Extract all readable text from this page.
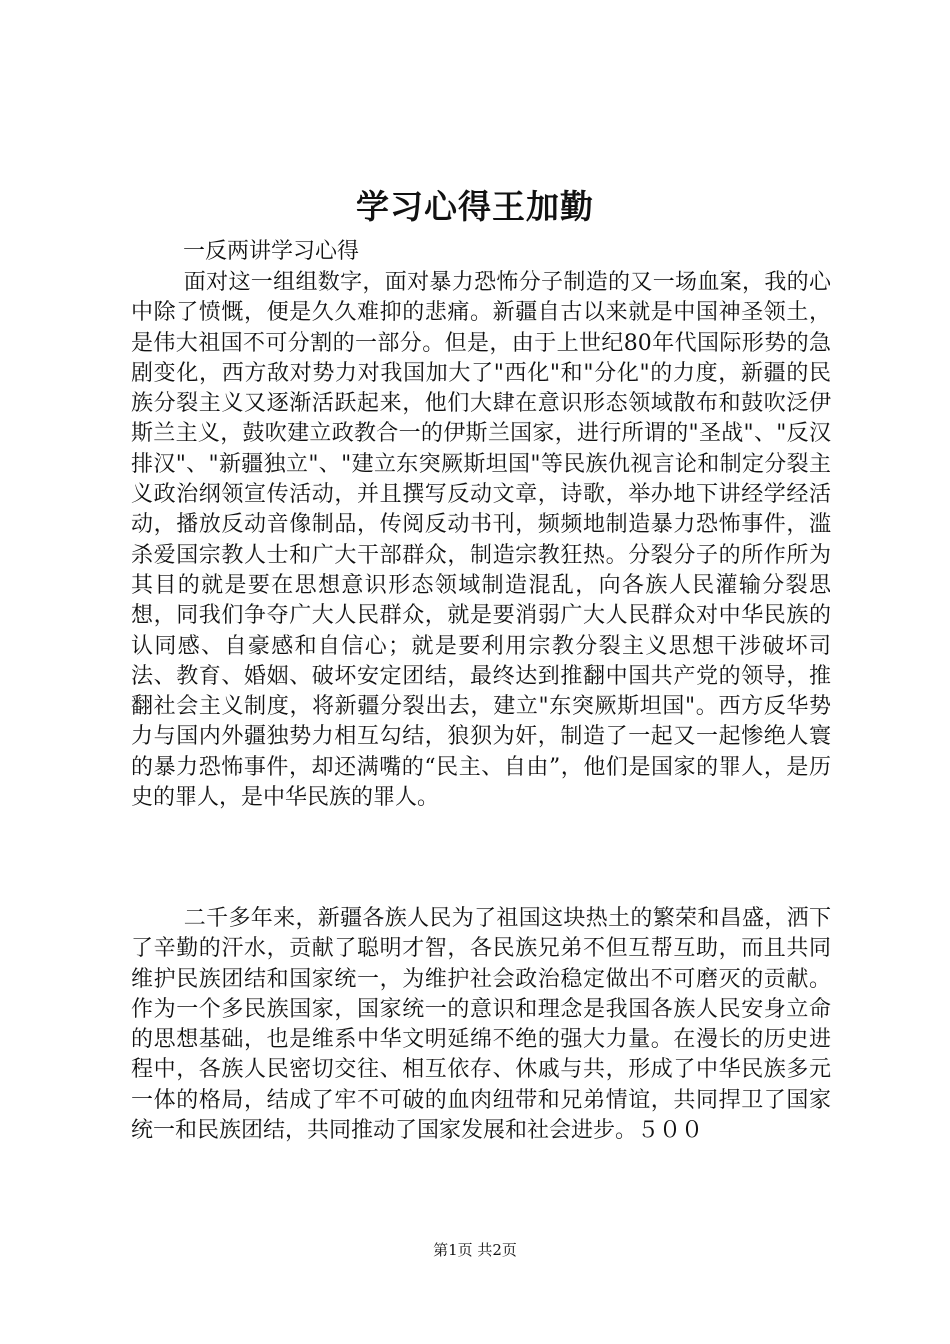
学习心得王加勤
一反两讲学习心得

面对这一组组数字，面对暴力恐怖分子制造的又一场血案，我的心中除了愤慨，便是久久难抑的悲痛。新疆自古以来就是中国神圣领土，是伟大祖国不可分割的一部分。但是，由于上世纪80年代国际形势的急剧变化，西方敌对势力对我国加大了"西化"和"分化"的力度，新疆的民族分裂主义又逐渐活跃起来，他们大肆在意识形态领域散布和鼓吹泛伊斯兰主义，鼓吹建立政教合一的伊斯兰国家，进行所谓的"圣战"、"反汉排汉"、"新疆独立"、"建立东突厥斯坦国"等民族仇视言论和制定分裂主义政治纲领宣传活动，并且撰写反动文章，诗歌，举办地下讲经学经活动，播放反动音像制品，传阅反动书刊，频频地制造暴力恐怖事件，滥杀爱国宗教人士和广大干部群众，制造宗教狂热。分裂分子的所作所为其目的就是要在思想意识形态领域制造混乱，向各族人民灌输分裂思想，同我们争夺广大人民群众，就是要消弱广大人民群众对中华民族的认同感、自豪感和自信心；就是要利用宗教分裂主义思想干涉破坏司法、教育、婚姻、破坏安定团结，最终达到推翻中国共产党的领导，推翻社会主义制度，将新疆分裂出去，建立"东突厥斯坦国"。西方反华势力与国内外疆独势力相互勾结，狼狈为奸，制造了一起又一起惨绝人寰的暴力恐怖事件，却还满嘴的“民主、自由”，他们是国家的罪人，是历史的罪人，是中华民族的罪人。

二千多年来，新疆各族人民为了祖国这块热土的繁荣和昌盛，洒下了辛勤的汗水，贡献了聪明才智，各民族兄弟不但互帮互助，而且共同维护民族团结和国家统一，为维护社会政治稳定做出不可磨灭的贡献。作为一个多民族国家，国家统一的意识和理念是我国各族人民安身立命的思想基础，也是维系中华文明延绵不绝的强大力量。在漫长的历史进程中，各族人民密切交往、相互依存、休戚与共，形成了中华民族多元一体的格局，结成了牢不可破的血肉纽带和兄弟情谊，共同捍卫了国家统一和民族团结，共同推动了国家发展和社会进步。５００

第1页 共2页
